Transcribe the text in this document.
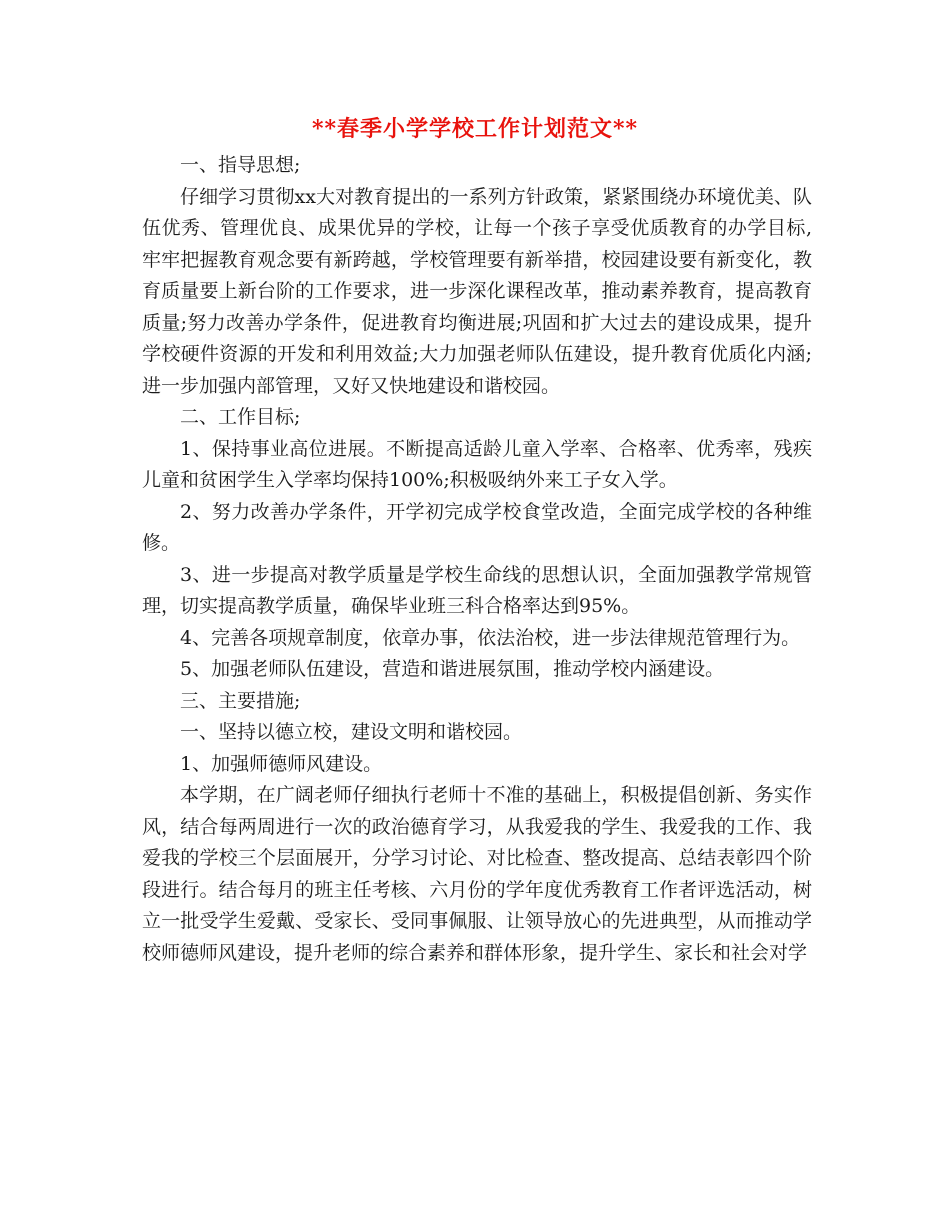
**春季小学学校工作计划范文**

一、指导思想;

仔细学习贯彻xx大对教育提出的一系列方针政策，紧紧围绕办环境优美、队伍优秀、管理优良、成果优异的学校，让每一个孩子享受优质教育的办学目标,牢牢把握教育观念要有新跨越，学校管理要有新举措，校园建设要有新变化，教育质量要上新台阶的工作要求，进一步深化课程改革，推动素养教育，提高教育质量;努力改善办学条件，促进教育均衡进展;巩固和扩大过去的建设成果，提升学校硬件资源的开发和利用效益;大力加强老师队伍建设，提升教育优质化内涵;进一步加强内部管理，又好又快地建设和谐校园。

二、工作目标;

1、保持事业高位进展。不断提高适龄儿童入学率、合格率、优秀率，残疾儿童和贫困学生入学率均保持100%;积极吸纳外来工子女入学。

2、努力改善办学条件，开学初完成学校食堂改造，全面完成学校的各种维修。

3、进一步提高对教学质量是学校生命线的思想认识，全面加强教学常规管理，切实提高教学质量，确保毕业班三科合格率达到95%。

4、完善各项规章制度，依章办事，依法治校，进一步法律规范管理行为。

5、加强老师队伍建设，营造和谐进展氛围，推动学校内涵建设。

三、主要措施;

一、坚持以德立校，建设文明和谐校园。

1、加强师德师风建设。

本学期，在广阔老师仔细执行老师十不准的基础上，积极提倡创新、务实作风，结合每两周进行一次的政治德育学习，从我爱我的学生、我爱我的工作、我爱我的学校三个层面展开，分学习讨论、对比检查、整改提高、总结表彰四个阶段进行。结合每月的班主任考核、六月份的学年度优秀教育工作者评选活动，树立一批受学生爱戴、受家长、受同事佩服、让领导放心的先进典型，从而推动学校师德师风建设，提升老师的综合素养和群体形象，提升学生、家长和社会对学
